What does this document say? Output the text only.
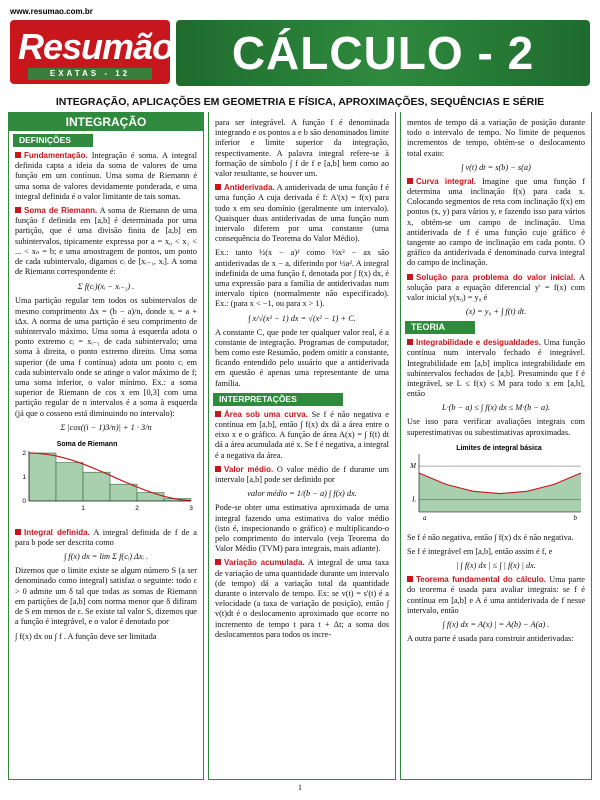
www.resumao.com.br
Resumão
EXATAS - 12	CÁLCULO - 2
INTEGRAÇÃO, APLICAÇÕES EM GEOMETRIA E FÍSICA, APROXIMAÇÕES, SEQUÊNCIAS E SÉRIE
INTEGRAÇÃO
DEFINIÇÕES
Fundamentação. Integração é soma. A integral definida capta a ideia da soma de valores de uma função em um contínuo. Uma soma de Riemann é uma soma de valores devidamente ponderada, e uma integral definida é o valor limitante de tais somas.
Soma de Riemann. A soma de Riemann de uma função f definida em [a,b] é determinada por uma partição, que é uma divisão finita de [a,b] em subintervalos, tipicamente expressa por a = x₀ < x₁ < ... < xₙ = b; e uma amostragem de pontos, um ponto de cada subintervalo, digamos cᵢ de [xᵢ₋₁, xᵢ]. A soma de Riemann correspondente é:
Σ f(cᵢ)(xᵢ − xᵢ₋₁) .
Uma partição regular tem todos os subintervalos de mesmo comprimento Δx = (b − a)/n, donde xᵢ = a + iΔx. A norma de uma partição é seu comprimento de subintervalo máximo. Uma soma à esquerda adota o ponto extremo cᵢ = xᵢ₋₁ de cada subintervalo; uma soma à direita, o ponto extremo direito. Uma soma superior (de uma f contínua) adota um ponto cᵢ em cada subintervalo onde se atinge o valor máximo de f; uma soma inferior, o valor mínimo. Ex.: a soma superior de Riemann de cos x em [0,3] com uma partição regular de n intervalos é a soma à esquerda (já que o cosseno está diminuindo no intervalo):
Σ |cos((i − 1)3/n)| + 1 · 3/n
Soma de Riemann
2
1
0
1	2	3
Integral definida. A integral definida de f de a para b pode ser descrita como
∫ f(x) dx = lim Σ f(cᵢ) Δxᵢ .
Dizemos que o limite existe se algum número S (a ser denominado como integral) satisfaz o seguinte: todo ε > 0 admite um δ tal que todas as somas de Riemann em partições de [a,b] com norma menor que δ difiram de S em menos de ε. Se existe tal valor S, dizemos que a função é integrável, e o valor é denotado por
∫ f(x) dx ou ∫ f . A função deve ser limitada
para ser integrável. A função f é denominada integrando e os pontos a e b são denominados limite inferior e limite superior da integração, respectivamente. A palavra integral refere-se à formação de símbolo ∫ f de f e [a,b] bem como ao valor resultante, se houver um.
Antiderivada. A antiderivada de uma função f é uma função A cuja derivada é f: A'(x) = f(x) para todo x em seu domínio (geralmente um intervalo). Quaisquer duas antiderivadas de uma função num intervalo diferem por uma constante (uma consequência do Teorema do Valor Médio).
Ex.: tanto ½(x − a)² como ½x² − ax são antiderivadas de x − a, diferindo por ½a². A integral indefinida de uma função f, denotada por ∫ f(x) dx, é uma expressão para a família de antiderivadas num intervalo típico (normalmente não especificado). Ex.: (para x < −1, ou para x > 1).
∫ x/√(x² − 1) dx = √(x² − 1) + C.
A constante C, que pode ter qualquer valor real, é a constante de integração. Programas de computador, bem como este Resumão, podem omitir a constante, ficando entendido pelo usuário que a antiderivada em questão é apenas uma representante de uma família.
INTERPRETAÇÕES
Área sob uma curva. Se f é não negativa e contínua em [a,b], então ∫ f(x) dx dá a área entre o eixo x e o gráfico. A função de área A(x) = ∫ f(t) dt dá a área acumulada até x. Se f é negativa, a integral é a negativa da área.
Valor médio. O valor médio de f durante um intervalo [a,b] pode ser definido por
valor médio = 1/(b − a) ∫ f(x) dx.
Pode-se obter uma estimativa aproximada de uma integral fazendo uma estimativa do valor médio (isto é, inspecionando o gráfico) e multiplicando-o pelo comprimento do intervalo (veja Teorema do Valor Médio (TVM) para integrais, mais adiante).
Variação acumulada. A integral de uma taxa de variação de uma quantidade durante um intervalo (de tempo) dá a variação total da quantidade durante o intervalo de tempo. Ex: se v(t) = s'(t) é a velocidade (a taxa de variação de posição), então ∫ v(t)dt é o deslocamento aproximado que ocorre no incremento de tempo t para t + Δt; a soma dos deslocamentos para todos os incre-
mentos de tempo dá a variação de posição durante todo o intervalo de tempo. No limite de pequenos incrementos de tempo, obtém-se o deslocamento total exato:
∫ v(t) dt = s(b) − s(a)
Curva integral. Imagine que uma função f determina uma inclinação f(x) para cada x. Colocando segmentos de reta com inclinação f(x) em pontos (x, y) para vários y, e fazendo isso para vários x, obtém-se um campo de inclinação. Uma antiderivada de f é uma função cujo gráfico é tangente ao campo de inclinação em cada ponto. O gráfico da antiderivada é denominado curva integral do campo de inclinação.
Solução para problema do valor inicial. A solução para a equação diferencial y' = f(x) com valor inicial y(x₀) = y₀ é
(x) = y₀ + ∫ f(t) dt.
TEORIA
Integrabilidade e desigualdades. Uma função contínua num intervalo fechado é integrável. Integrabilidade em [a,b] implica integrabilidade em subintervalos fechados de [a,b]. Presumindo que f é integrável, se L ≤ f(x) ≤ M para todo x em [a,b], então
L·(b − a) ≤ ∫ f(x) dx ≤ M·(b − a).
Use isso para verificar avaliações integrais com superestimativas ou subestimativas aproximadas.
Limites de integral básica
M
L
a	b
Se f é não negativa, então ∫ f(x) dx é não negativa.
Se f é integrável em [a,b], então assim é f, e
| ∫ f(x) dx | ≤ ∫ | f(x) | dx.
Teorema fundamental do cálculo. Uma parte do teorema é usada para avaliar integrais: se f é contínua em [a,b] e A é uma antiderivada de f nesse intervalo, então
∫ f(x) dx = A(x) | = A(b) − A(a) .
A outra parte é usada para construir antiderivadas:
1
